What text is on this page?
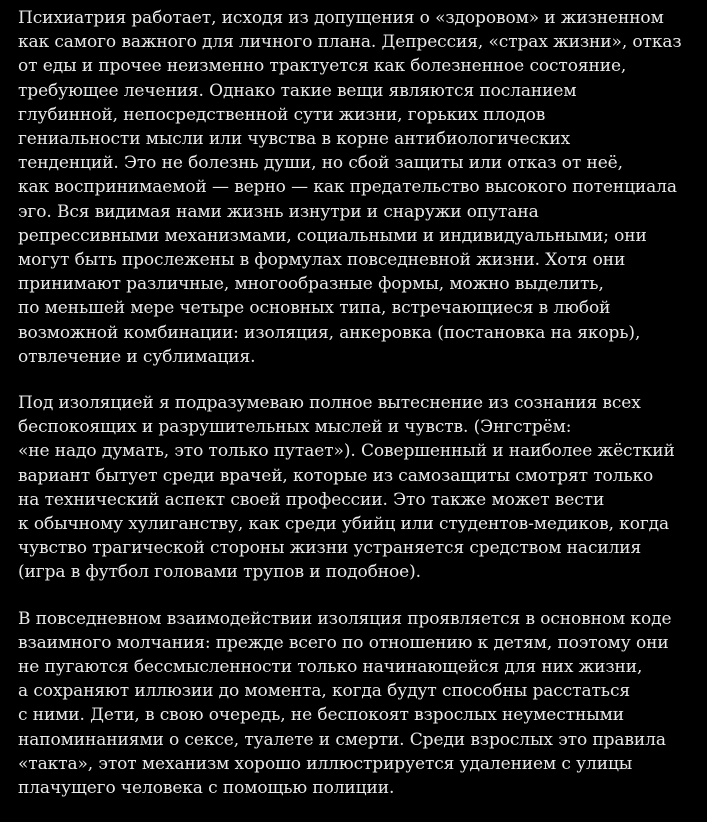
Психиатрия работает, исходя из допущения о «здоровом» и жизненном
как самого важного для личного плана. Депрессия, «страх жизни», отказ
от еды и прочее неизменно трактуется как болезненное состояние,
требующее лечения. Однако такие вещи являются посланием
глубинной, непосредственной сути жизни, горьких плодов
гениальности мысли или чувства в корне антибиологических
тенденций. Это не болезнь души, но сбой защиты или отказ от неё,
как воспринимаемой — верно — как предательство высокого потенциала
эго. Вся видимая нами жизнь изнутри и снаружи опутана
репрессивными механизмами, социальными и индивидуальными; они
могут быть прослежены в формулах повседневной жизни. Хотя они
принимают различные, многообразные формы, можно выделить,
по меньшей мере четыре основных типа, встречающиеся в любой
возможной комбинации: изоляция, анкеровка (постановка на якорь),
отвлечение и сублимация.

Под изоляцией я подразумеваю полное вытеснение из сознания всех
беспокоящих и разрушительных мыслей и чувств. (Энгстрём:
«не надо думать, это только путает»). Совершенный и наиболее жёсткий
вариант бытует среди врачей, которые из самозащиты смотрят только
на технический аспект своей профессии. Это также может вести
к обычному хулиганству, как среди убийц или студентов-медиков, когда
чувство трагической стороны жизни устраняется средством насилия
(игра в футбол головами трупов и подобное).

В повседневном взаимодействии изоляция проявляется в основном коде
взаимного молчания: прежде всего по отношению к детям, поэтому они
не пугаются бессмысленности только начинающейся для них жизни,
а сохраняют иллюзии до момента, когда будут способны расстаться
с ними. Дети, в свою очередь, не беспокоят взрослых неуместными
напоминаниями о сексе, туалете и смерти. Среди взрослых это правила
«такта», этот механизм хорошо иллюстрируется удалением с улицы
плачущего человека с помощью полиции.
